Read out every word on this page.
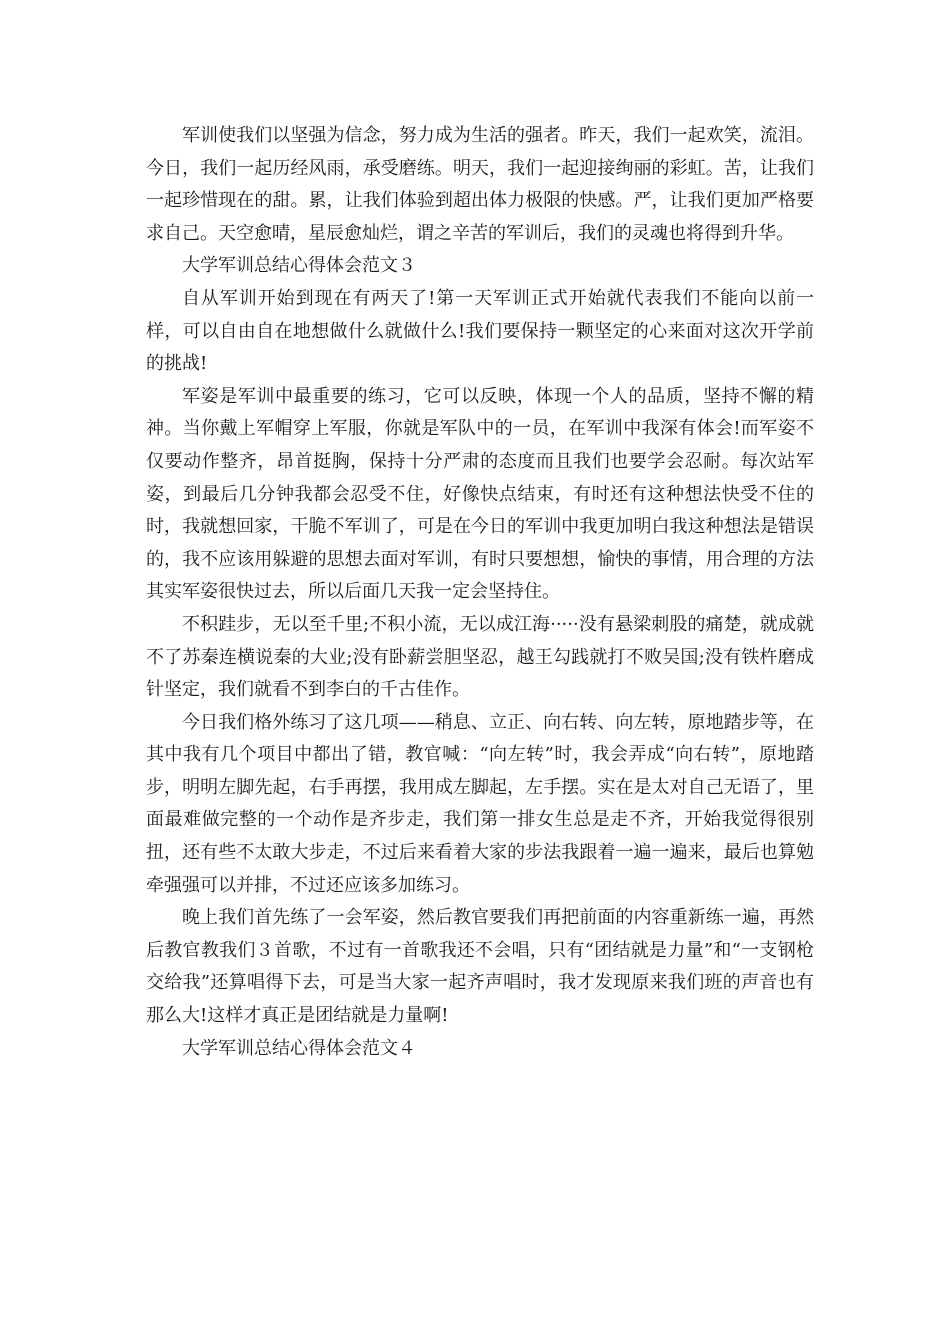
军训使我们以坚强为信念，努力成为生活的强者。昨天，我们一起欢笑，流泪。今日，我们一起历经风雨，承受磨练。明天，我们一起迎接绚丽的彩虹。苦，让我们一起珍惜现在的甜。累，让我们体验到超出体力极限的快感。严，让我们更加严格要求自己。天空愈晴，星辰愈灿烂，谓之辛苦的军训后，我们的灵魂也将得到升华。

大学军训总结心得体会范文３

自从军训开始到现在有两天了!第一天军训正式开始就代表我们不能向以前一样，可以自由自在地想做什么就做什么!我们要保持一颗坚定的心来面对这次开学前的挑战!

军姿是军训中最重要的练习，它可以反映，体现一个人的品质，坚持不懈的精神。当你戴上军帽穿上军服，你就是军队中的一员，在军训中我深有体会!而军姿不仅要动作整齐，昂首挺胸，保持十分严肃的态度而且我们也要学会忍耐。每次站军姿，到最后几分钟我都会忍受不住，好像快点结束，有时还有这种想法快受不住的时，我就想回家，干脆不军训了，可是在今日的军训中我更加明白我这种想法是错误的，我不应该用躲避的思想去面对军训，有时只要想想，愉快的事情，用合理的方法其实军姿很快过去，所以后面几天我一定会坚持住。

不积跬步，无以至千里;不积小流，无以成江海·····没有悬梁刺股的痛楚，就成就不了苏秦连横说秦的大业;没有卧薪尝胆坚忍，越王勾践就打不败吴国;没有铁杵磨成针坚定，我们就看不到李白的千古佳作。

今日我们格外练习了这几项——稍息、立正、向右转、向左转，原地踏步等，在其中我有几个项目中都出了错，教官喊：“向左转”时，我会弄成“向右转”，原地踏步，明明左脚先起，右手再摆，我用成左脚起，左手摆。实在是太对自己无语了，里面最难做完整的一个动作是齐步走，我们第一排女生总是走不齐，开始我觉得很别扭，还有些不太敢大步走，不过后来看着大家的步法我跟着一遍一遍来，最后也算勉牵强强可以并排，不过还应该多加练习。

晚上我们首先练了一会军姿，然后教官要我们再把前面的内容重新练一遍，再然后教官教我们３首歌，不过有一首歌我还不会唱，只有“团结就是力量”和“一支钢枪交给我”还算唱得下去，可是当大家一起齐声唱时，我才发现原来我们班的声音也有那么大!这样才真正是团结就是力量啊!

大学军训总结心得体会范文４
